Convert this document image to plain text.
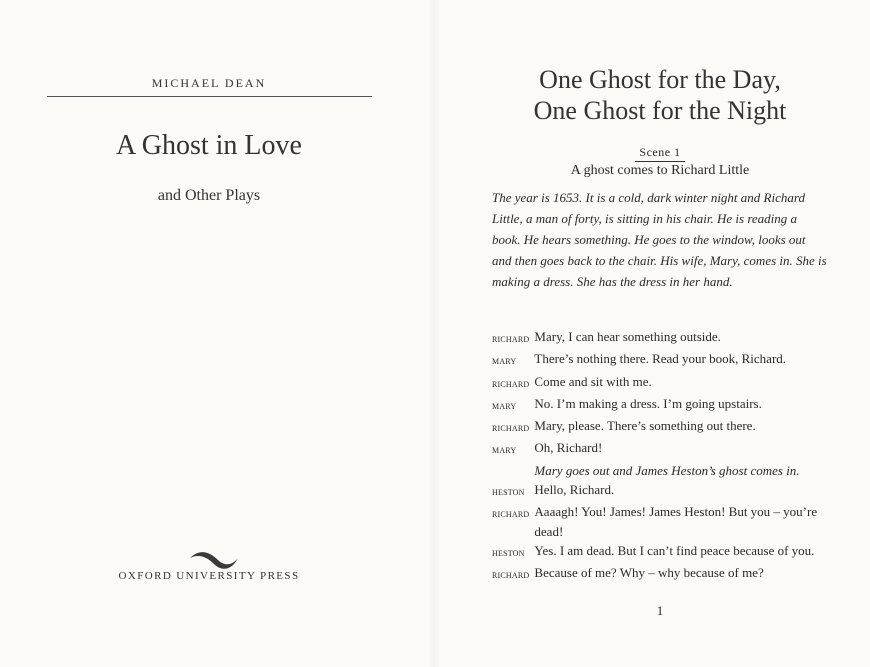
MICHAEL DEAN
A Ghost in Love
and Other Plays
OXFORD UNIVERSITY PRESS
One Ghost for the Day,
One Ghost for the Night
Scene 1
A ghost comes to Richard Little
The year is 1653. It is a cold, dark winter night and Richard Little, a man of forty, is sitting in his chair. He is reading a book. He hears something. He goes to the window, looks out and then goes back to the chair. His wife, Mary, comes in. She is making a dress. She has the dress in her hand.
RICHARD Mary, I can hear something outside.
MARY	There’s nothing there. Read your book, Richard.
RICHARD Come and sit with me.
MARY	No. I’m making a dress. I’m going upstairs.
RICHARD Mary, please. There’s something out there.
MARY	Oh, Richard!
Mary goes out and James Heston’s ghost comes in.
HESTON Hello, Richard.
RICHARD Aaaagh! You! James! James Heston! But you – you’re dead!
HESTON Yes. I am dead. But I can’t find peace because of you.
RICHARD Because of me? Why – why because of me?
1
